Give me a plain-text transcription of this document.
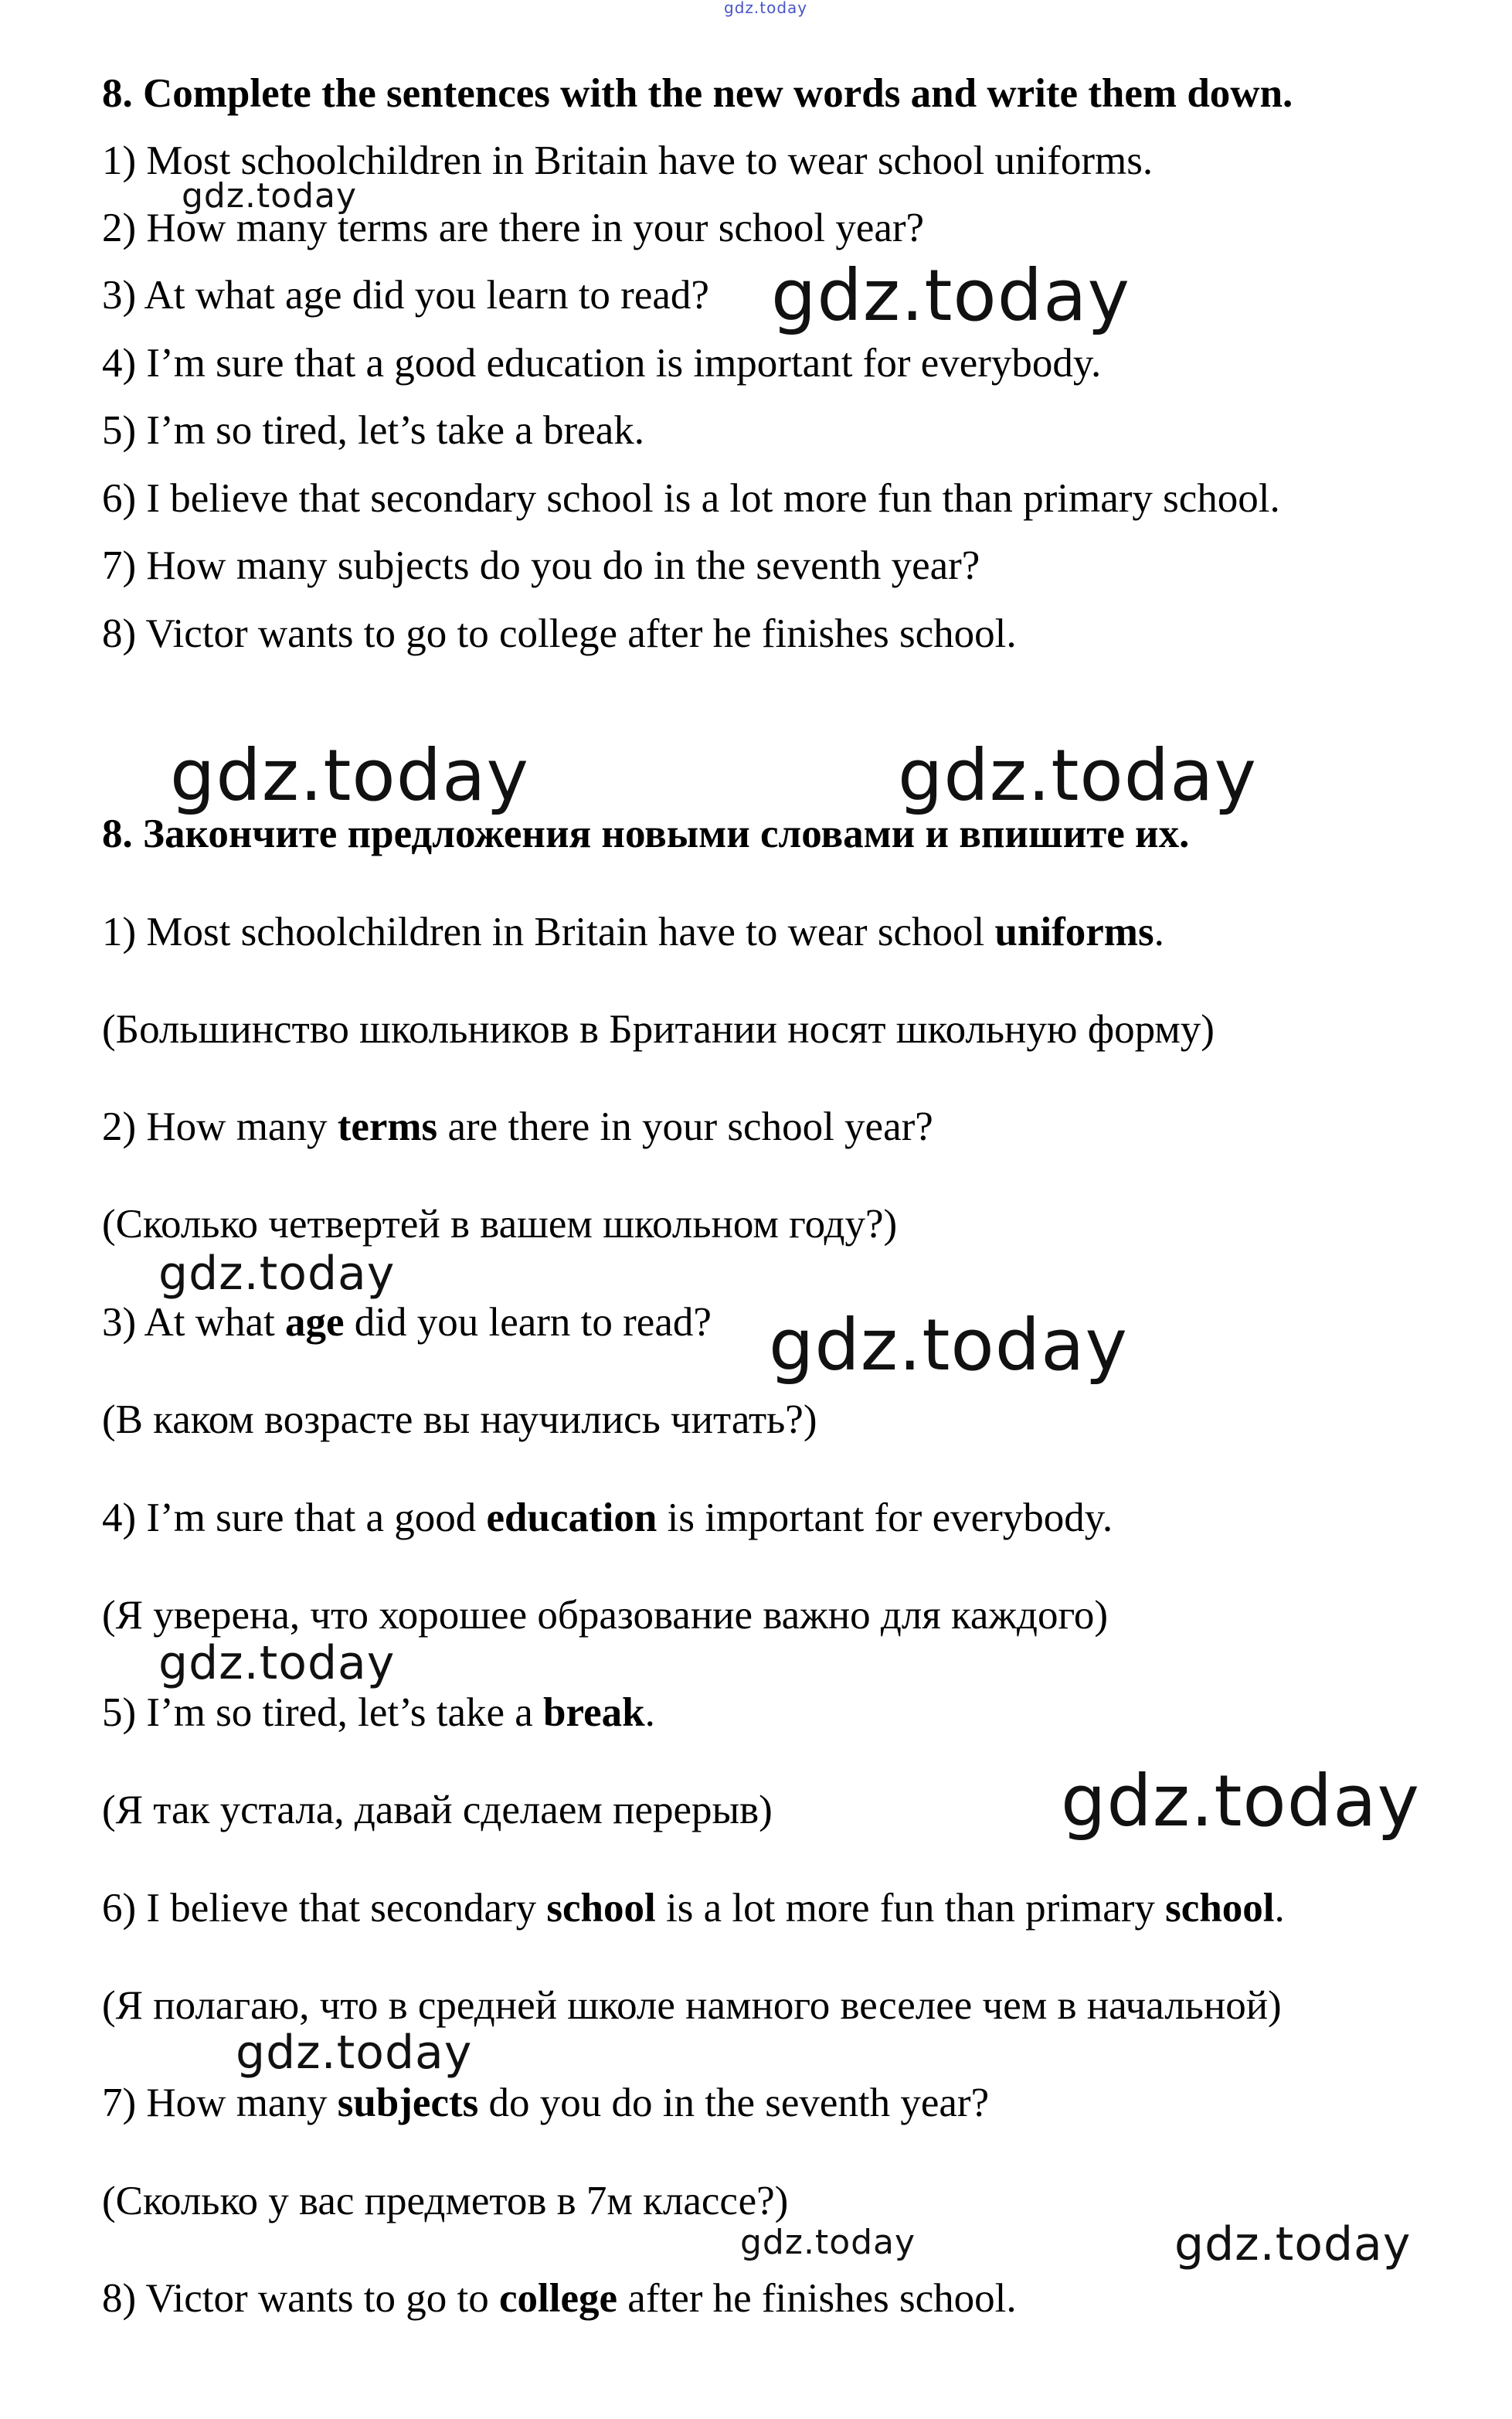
gdz.today
gdz.today
gdz.today
gdz.today	gdz.today
gdz.today
gdz.today
gdz.today
gdz.today
gdz.today
gdz.today	gdz.today

8. Complete the sentences with the new words and write them down.

1) Most schoolchildren in Britain have to wear school uniforms.

2) How many terms are there in your school year?

3) At what age did you learn to read?

4) I’m sure that a good education is important for everybody.

5) I’m so tired, let’s take a break.

6) I believe that secondary school is a lot more fun than primary school.

7) How many subjects do you do in the seventh year?

8) Victor wants to go to college after he finishes school.

8. Закончите предложения новыми словами и впишите их.

1) Most schoolchildren in Britain have to wear school uniforms.

(Большинство школьников в Британии носят школьную форму)

2) How many terms are there in your school year?

(Сколько четвертей в вашем школьном году?)

3) At what age did you learn to read?

(В каком возрасте вы научились читать?)

4) I’m sure that a good education is important for everybody.

(Я уверена, что хорошее образование важно для каждого)

5) I’m so tired, let’s take a break.

(Я так устала, давай сделаем перерыв)

6) I believe that secondary school is a lot more fun than primary school.

(Я полагаю, что в средней школе намного веселее чем в начальной)

7) How many subjects do you do in the seventh year?

(Сколько у вас предметов в 7м классе?)

8) Victor wants to go to college after he finishes school.
